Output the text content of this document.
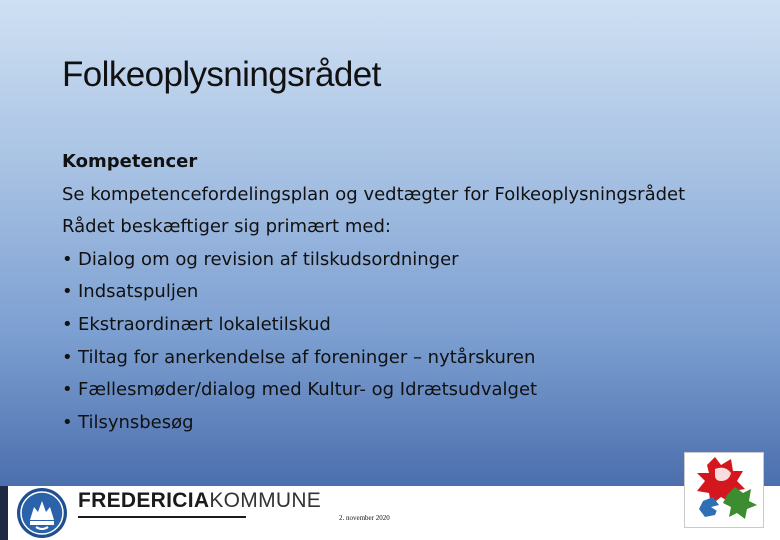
Folkeoplysningsrådet
Kompetencer
Se kompetencefordelingsplan og vedtægter for Folkeoplysningsrådet
Rådet beskæftiger sig primært med:
• Dialog om og revision af tilskudsordninger
• Indsatspuljen
• Ekstraordinært lokaletilskud
• Tiltag for anerkendelse af foreninger – nytårskuren
• Fællesmøder/dialog med Kultur- og Idrætsudvalget
• Tilsynsbesøg
FREDERICIAKOMMUNE
2. november 2020
